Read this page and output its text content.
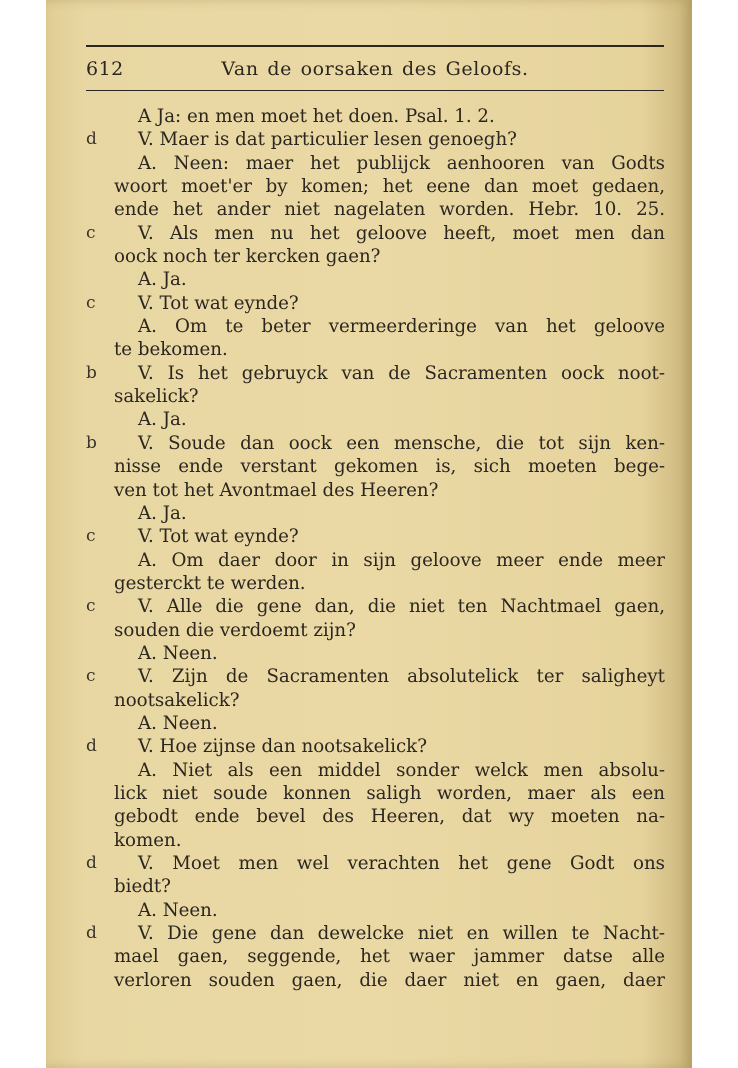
612	Van de oorsaken des Geloofs.
A Ja: en men moet het doen. Psal. 1. 2.
d V. Maer is dat particulier lesen genoegh?
A. Neen: maer het publijck aenhooren van Godts
woort moet'er by komen; het eene dan moet gedaen,
ende het ander niet nagelaten worden. Hebr. 10. 25.
c V. Als men nu het geloove heeft, moet men dan
oock noch ter kercken gaen?
A. Ja.
c V. Tot wat eynde?
A. Om te beter vermeerderinge van het geloove
te bekomen.
b V. Is het gebruyck van de Sacramenten oock noot-
sakelick?
A. Ja.
b V. Soude dan oock een mensche, die tot sijn ken-
nisse ende verstant gekomen is, sich moeten bege-
ven tot het Avontmael des Heeren?
A. Ja.
c V. Tot wat eynde?
A. Om daer door in sijn geloove meer ende meer
gesterckt te werden.
c V. Alle die gene dan, die niet ten Nachtmael gaen,
souden die verdoemt zijn?
A. Neen.
c V. Zijn de Sacramenten absolutelick ter saligheyt
nootsakelick?
A. Neen.
d V. Hoe zijnse dan nootsakelick?
A. Niet als een middel sonder welck men absolu-
lick niet soude konnen saligh worden, maer als een
gebodt ende bevel des Heeren, dat wy moeten na-
komen.
d V. Moet men wel verachten het gene Godt ons
biedt?
A. Neen.
d V. Die gene dan dewelcke niet en willen te Nacht-
mael gaen, seggende, het waer jammer datse alle
verloren souden gaen, die daer niet en gaen, daer
